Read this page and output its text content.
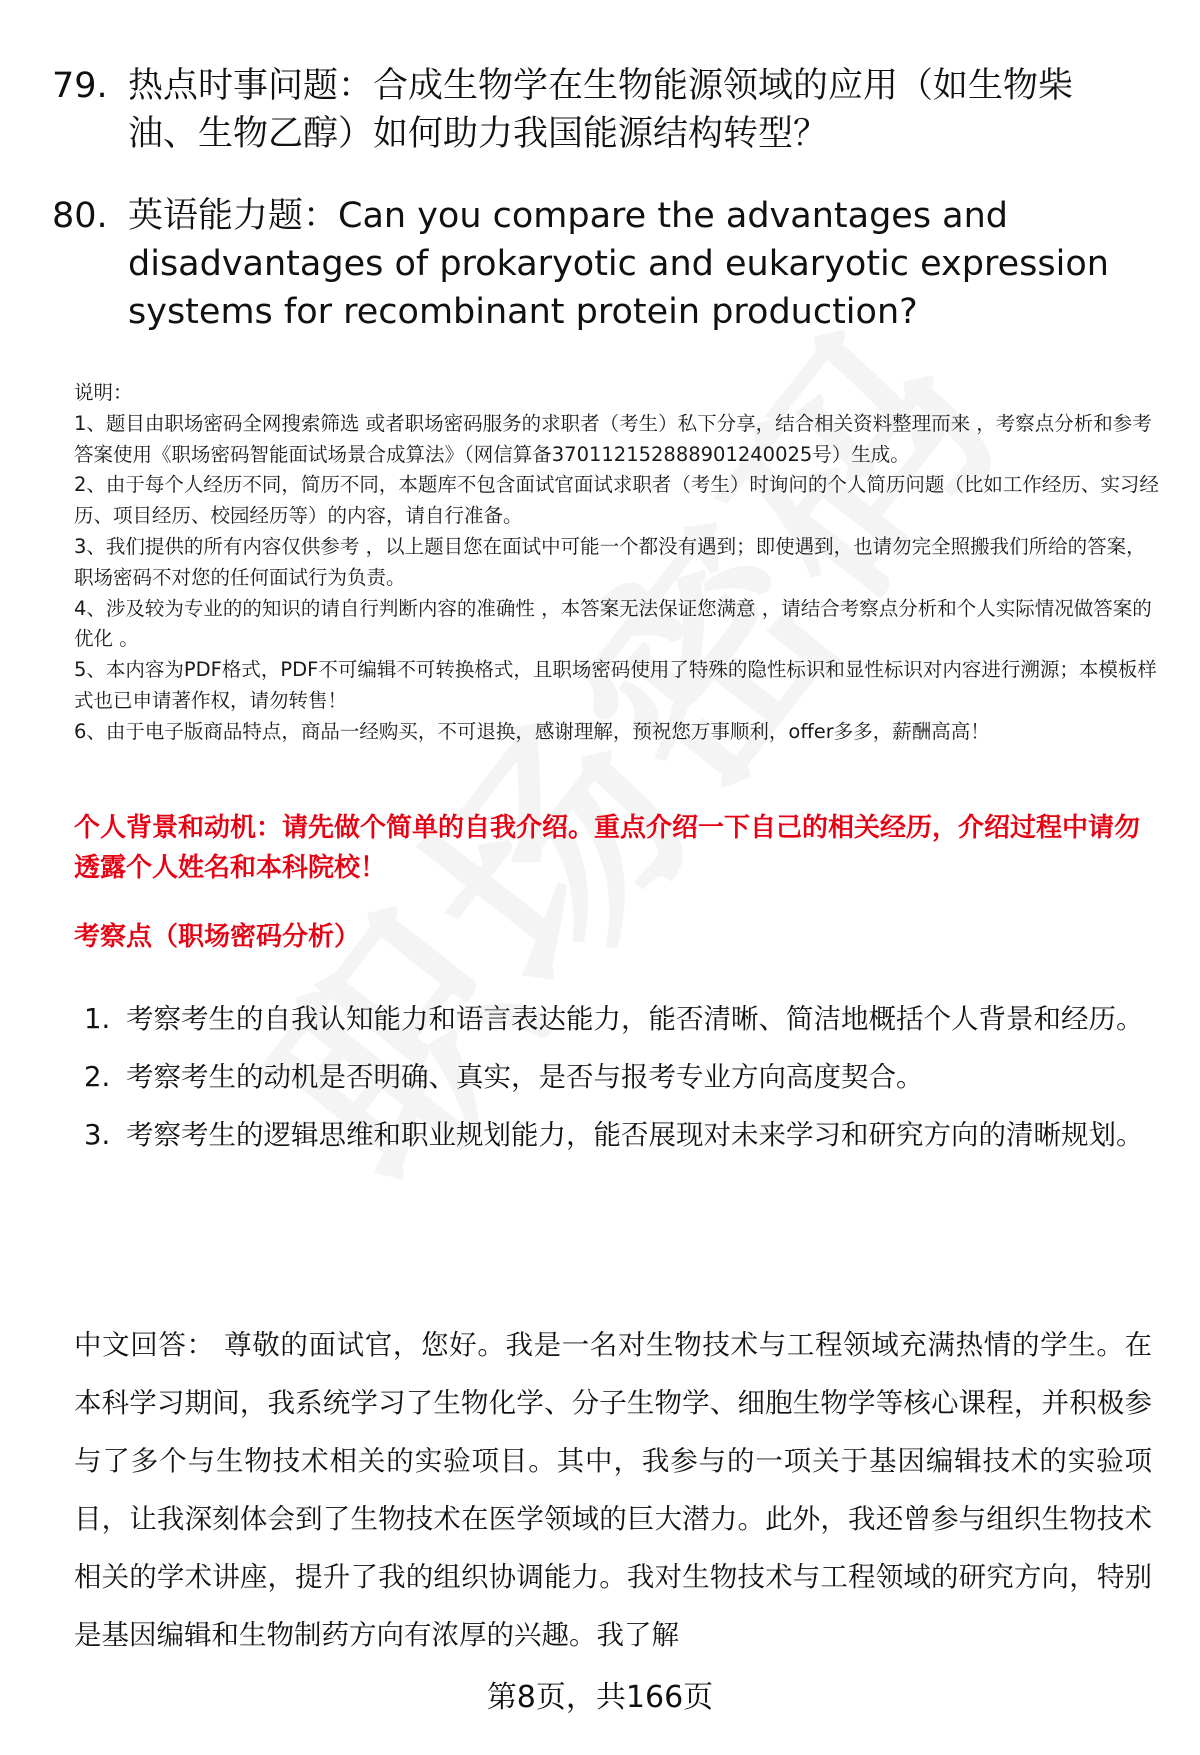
79. 热点时事问题：合成生物学在生物能源领域的应用（如生物柴油、生物乙醇）如何助力我国能源结构转型？
80. 英语能力题：Can you compare the advantages and disadvantages of prokaryotic and eukaryotic expression systems for recombinant protein production?

说明：

1、题目由职场密码全网搜索筛选 或者职场密码服务的求职者（考生）私下分享，结合相关资料整理而来 ，考察点分析和参考答案使用《职场密码智能面试场景合成算法》（网信算备370112152888901240025号）生成。

2、由于每个人经历不同，简历不同，本题库不包含面试官面试求职者（考生）时询问的个人简历问题（比如工作经历、实习经历、项目经历、校园经历等）的内容，请自行准备。

3、我们提供的所有内容仅供参考 ，以上题目您在面试中可能一个都没有遇到；即使遇到，也请勿完全照搬我们所给的答案，职场密码不对您的任何面试行为负责。

4、涉及较为专业的的知识的请自行判断内容的准确性 ，本答案无法保证您满意 ，请结合考察点分析和个人实际情况做答案的优化 。

5、本内容为PDF格式，PDF不可编辑不可转换格式，且职场密码使用了特殊的隐性标识和显性标识对内容进行溯源；本模板样式也已申请著作权，请勿转售！

6、由于电子版商品特点，商品一经购买，不可退换，感谢理解，预祝您万事顺利，offer多多，薪酬高高！

个人背景和动机：请先做个简单的自我介绍。重点介绍一下自己的相关经历，介绍过程中请勿透露个人姓名和本科院校！
考察点（职场密码分析）
1. 考察考生的自我认知能力和语言表达能力，能否清晰、简洁地概括个人背景和经历。
2. 考察考生的动机是否明确、真实，是否与报考专业方向高度契合。
3. 考察考生的逻辑思维和职业规划能力，能否展现对未来学习和研究方向的清晰规划。
中文回答： 尊敬的面试官，您好。我是一名对生物技术与工程领域充满热情的学生。在本科学习期间，我系统学习了生物化学、分子生物学、细胞生物学等核心课程，并积极参与了多个与生物技术相关的实验项目。其中，我参与的一项关于基因编辑技术的实验项目，让我深刻体会到了生物技术在医学领域的巨大潜力。此外，我还曾参与组织生物技术相关的学术讲座，提升了我的组织协调能力。我对生物技术与工程领域的研究方向，特别是基因编辑和生物制药方向有浓厚的兴趣。我了解
第8页，共166页
